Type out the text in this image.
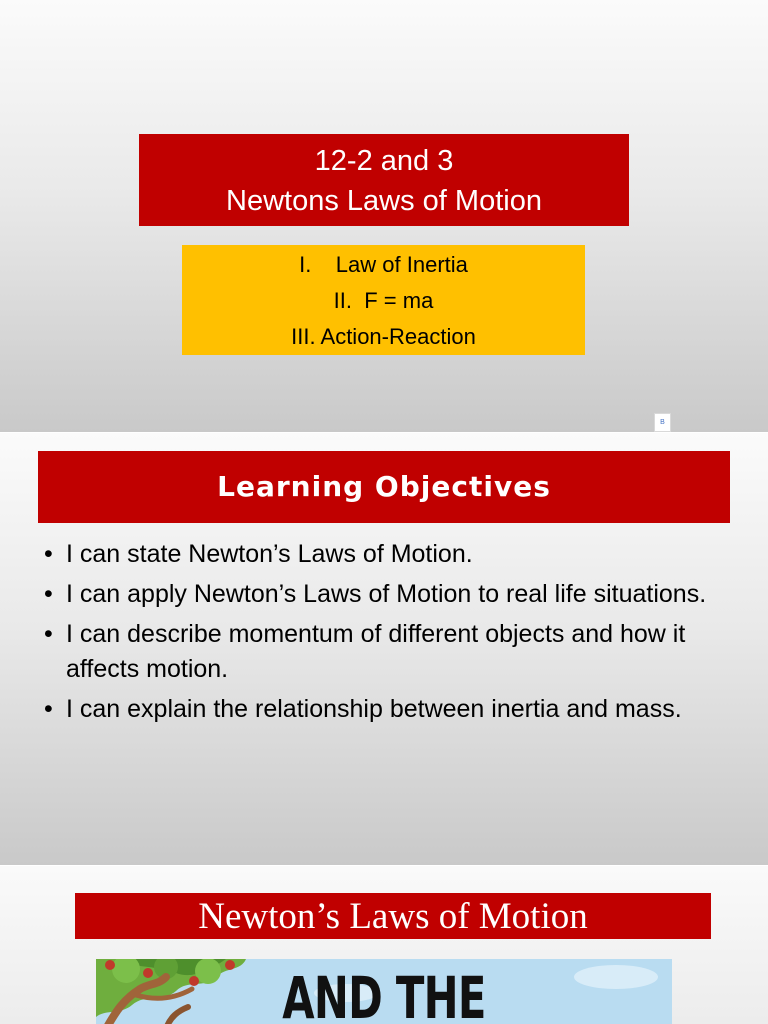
12-2 and 3
Newtons Laws of Motion
I.    Law of Inertia
II.  F = ma
III. Action-Reaction
B
Learning Objectives
• I can state Newton’s Laws of Motion.
• I can apply Newton’s Laws of Motion to real life situations.
• I can describe momentum of different objects and how it affects motion.
• I can explain the relationship between inertia and mass.
Newton’s Laws of Motion
AND THE
